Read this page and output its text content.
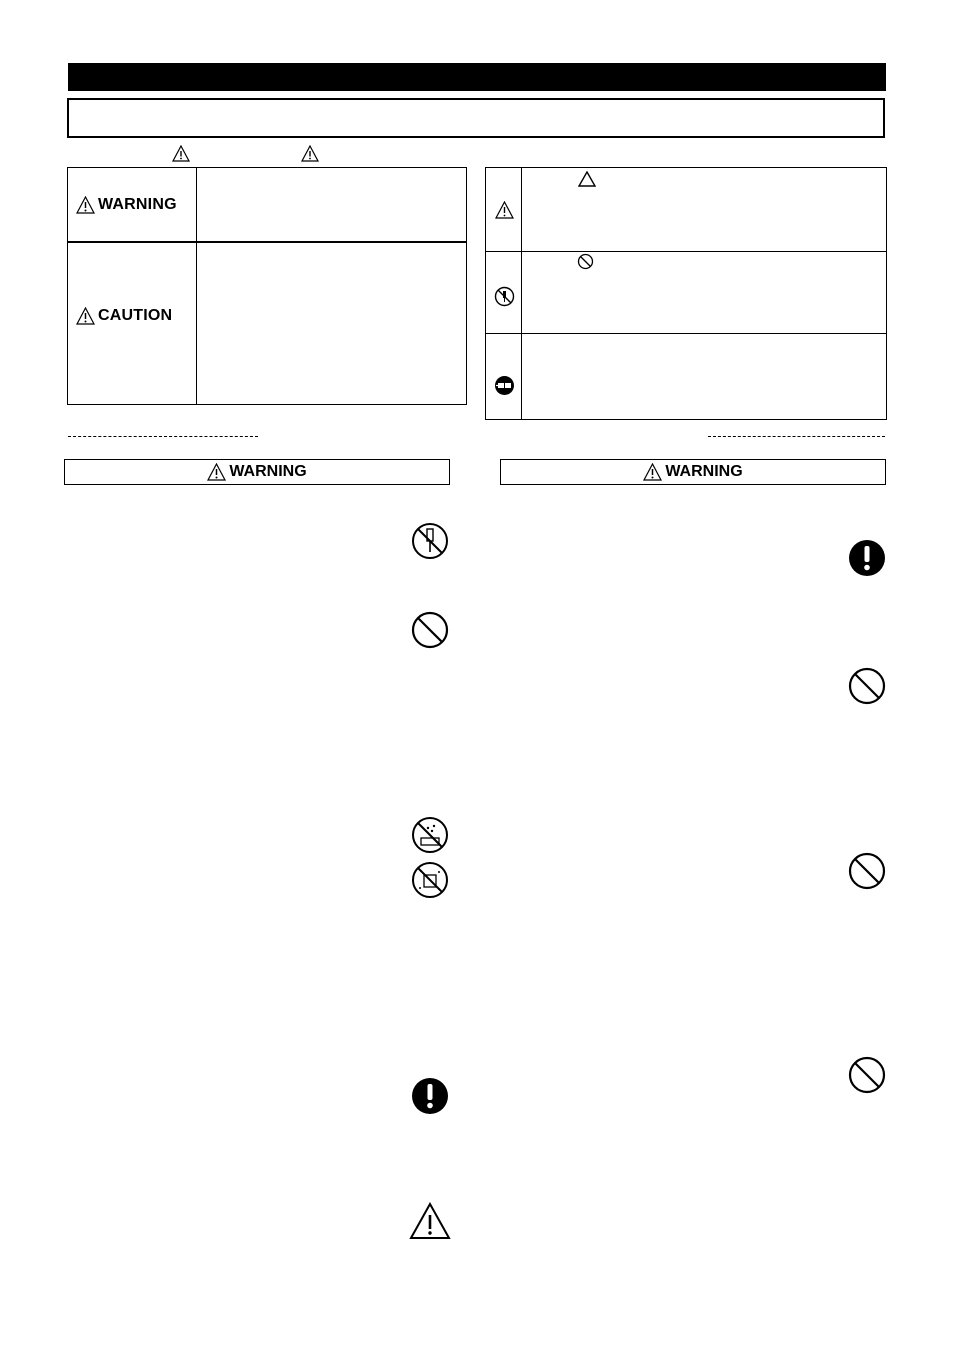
WARNING
CAUTION
WARNING	WARNING
